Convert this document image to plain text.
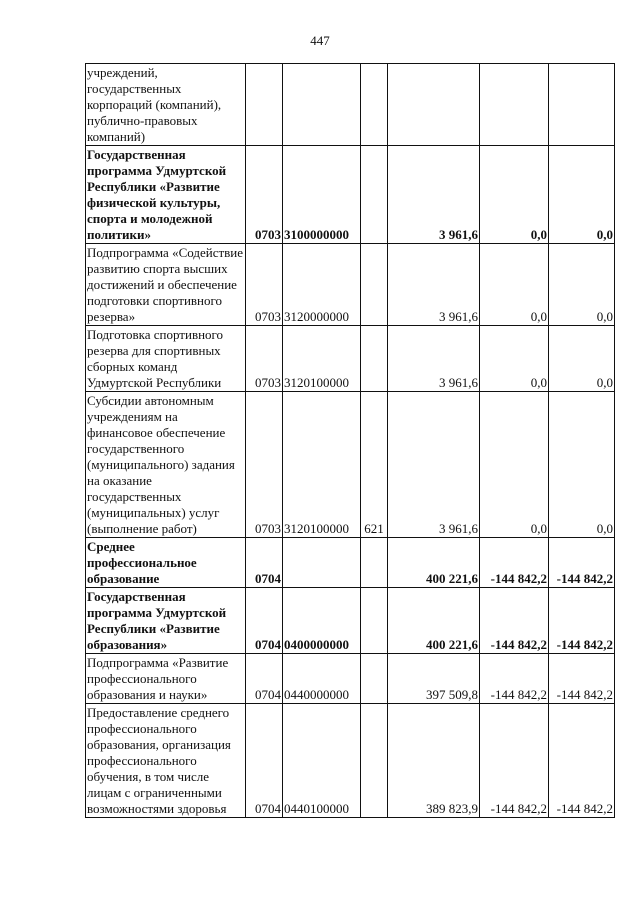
447
учреждений, государственных корпораций (компаний), публично-правовых компаний)						

Государственная программа Удмуртской Республики «Развитие физической культуры, спорта и молодежной политики»	0703	3100000000		3 961,6	0,0	0,0

Подпрограмма «Содействие развитию спорта высших достижений и обеспечение подготовки спортивного резерва»	0703	3120000000		3 961,6	0,0	0,0

Подготовка спортивного резерва для спортивных сборных команд Удмуртской Республики	0703	3120100000		3 961,6	0,0	0,0

Субсидии автономным учреждениям на финансовое обеспечение государственного (муниципального) задания на оказание государственных (муниципальных) услуг (выполнение работ)	0703	3120100000	621	3 961,6	0,0	0,0

Среднее профессиональное образование	0704			400 221,6	-144 842,2	-144 842,2

Государственная программа Удмуртской Республики «Развитие образования»	0704	0400000000		400 221,6	-144 842,2	-144 842,2

Подпрограмма «Развитие профессионального образования и науки»	0704	0440000000		397 509,8	-144 842,2	-144 842,2

Предоставление среднего профессионального образования, организация профессионального обучения, в том числе лицам с ограниченными возможностями здоровья	0704	0440100000		389 823,9	-144 842,2	-144 842,2
